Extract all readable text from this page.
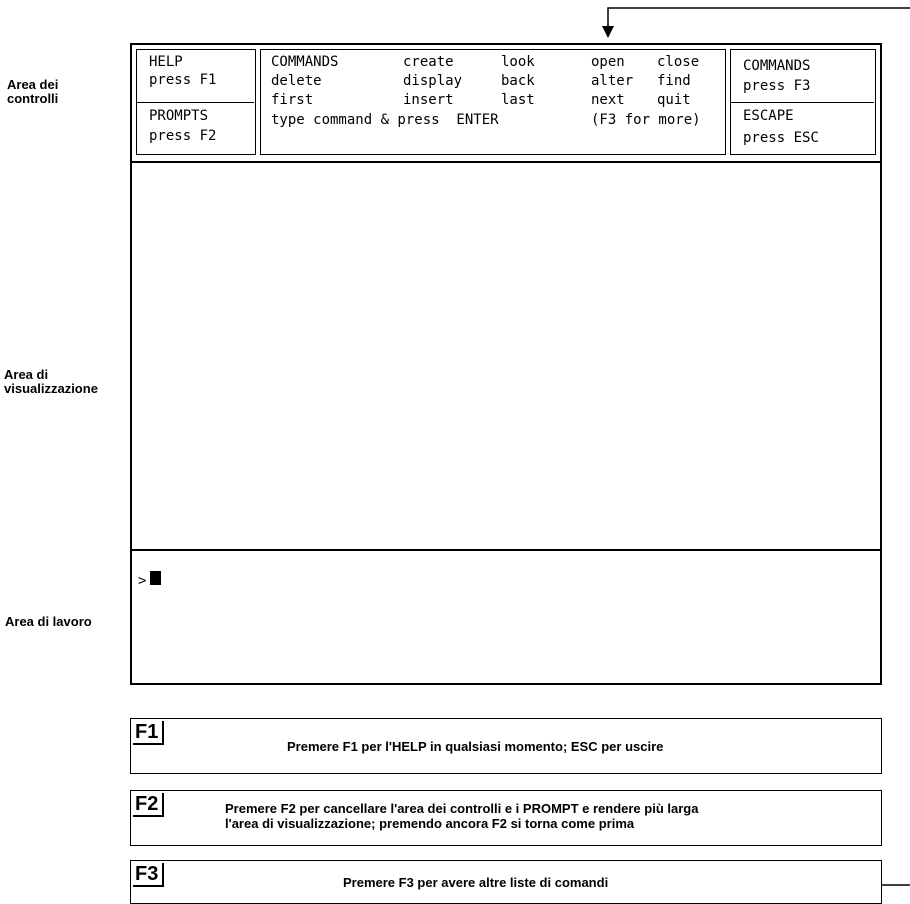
Area dei
controlli
Area di
visualizzazione
Area di lavoro
HELP
press F1
PROMPTS
press F2
COMMANDS	create	look	open close
delete	display	back	alter find
first	insert	last	next quit
type command & press  ENTER	(F3 for more)
COMMANDS
press F3
ESCAPE
press ESC
>
F1
Premere F1 per l'HELP in qualsiasi momento; ESC per uscire
F2	Premere F2 per cancellare l'area dei controlli e i PROMPT e rendere più larga
l'area di visualizzazione; premendo ancora F2 si torna come prima
F3	Premere F3 per avere altre liste di comandi
